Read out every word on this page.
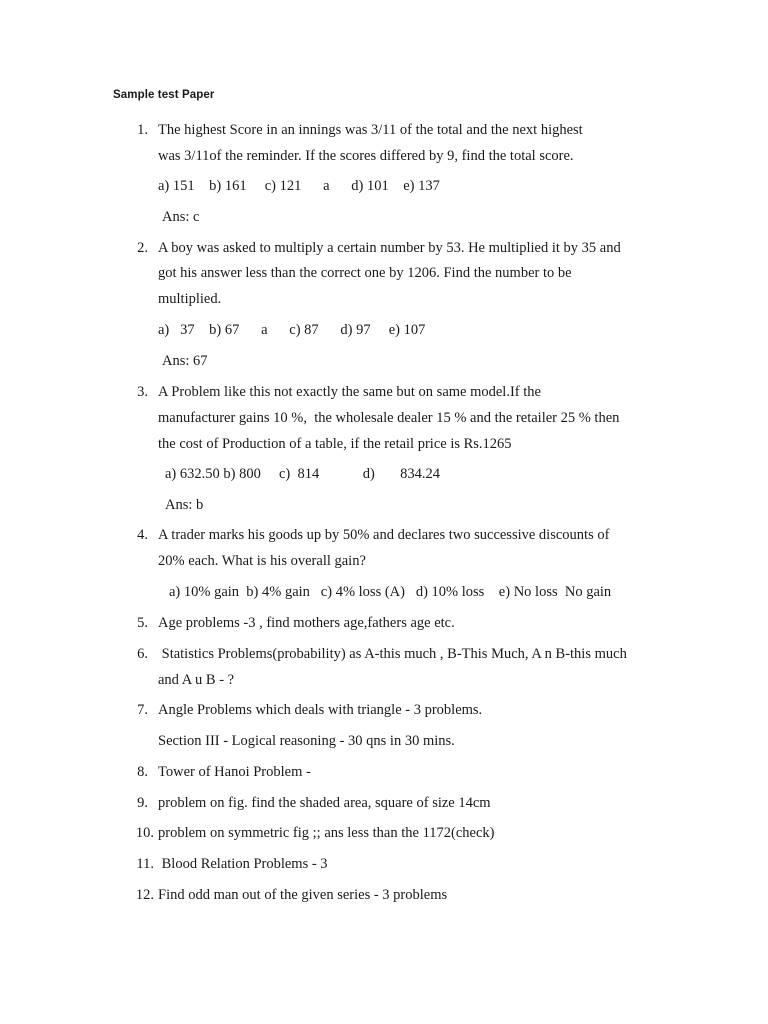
Sample test Paper
1. The highest Score in an innings was 3/11 of the total and the next highest
was 3/11of the reminder. If the scores differed by 9, find the total score.
a) 151    b) 161     c) 121      a      d) 101    e) 137
Ans: c
2. A boy was asked to multiply a certain number by 53. He multiplied it by 35 and
got his answer less than the correct one by 1206. Find the number to be
multiplied.
a)   37    b) 67      a      c) 87      d) 97     e) 107
Ans: 67
3. A Problem like this not exactly the same but on same model.If the
manufacturer gains 10 %,  the wholesale dealer 15 % and the retailer 25 % then
the cost of Production of a table, if the retail price is Rs.1265
a) 632.50 b) 800     c)  814            d)       834.24
Ans: b
4. A trader marks his goods up by 50% and declares two successive discounts of
20% each. What is his overall gain?
a) 10% gain  b) 4% gain   c) 4% loss (A)   d) 10% loss    e) No loss  No gain
5. Age problems -3 , find mothers age,fathers age etc.
6. Statistics Problems(probability) as A-this much , B-This Much, A n B-this much
and A u B - ?
7. Angle Problems which deals with triangle - 3 problems.
Section III - Logical reasoning - 30 qns in 30 mins.
8. Tower of Hanoi Problem -
9. problem on fig. find the shaded area, square of size 14cm
10. problem on symmetric fig ;; ans less than the 1172(check)
11. Blood Relation Problems - 3
12. Find odd man out of the given series - 3 problems
